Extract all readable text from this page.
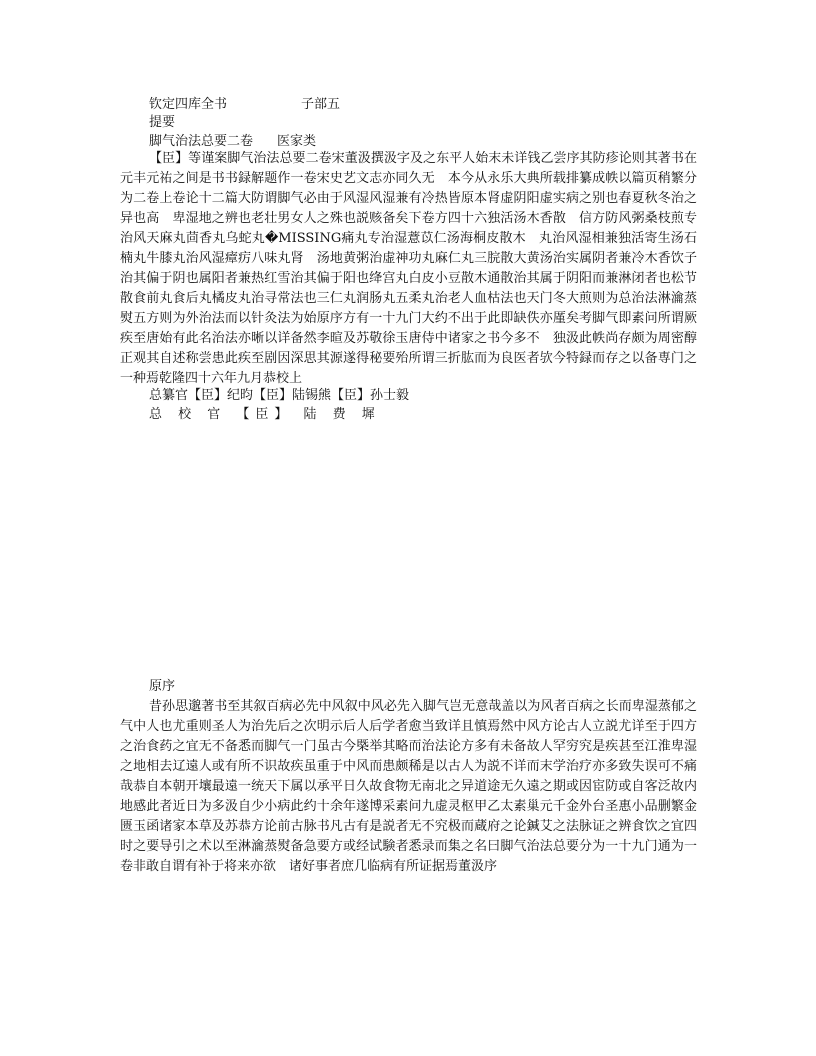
钦定四库全书	子部五
提要
脚气治法总要二卷 医家类
【臣】等谨案脚气治法总要二卷宋董汲撰汲字及之东平人始末未详钱乙尝序其防疹论则其著书在元丰元祐之间是书书録解题作一卷宋史艺文志亦同久无　本今从永乐大典所载排纂成帙以篇页稍繁分为二卷上卷论十二篇大防谓脚气必由于风湿风湿兼有冷热皆原本肾虚阴阳虚实病之别也春夏秋冬治之异也高　卑湿地之辨也老壮男女人之殊也説赅备矣下卷方四十六独活汤木香散　信方防风粥桑枝煎专治风天麻丸茴香丸乌蛇丸�MISSING痛丸专治湿薏苡仁汤海桐皮散木　丸治风湿相兼独活寄生汤石楠丸牛膝丸治风湿瘴疠八味丸肾　汤地黄粥治虚神功丸麻仁丸三脘散大黄汤治实属阴者兼冷木香饮子治其偏于阴也属阳者兼热红雪治其偏于阳也绛宫丸白皮小豆散木通散治其属于阴阳而兼淋闭者也松节散食前丸食后丸橘皮丸治寻常法也三仁丸润肠丸五柔丸治老人血枯法也天门冬大煎则为总治法淋㵸蒸熨五方则为外治法而以针灸法为始原序方有一十九门大约不出于此即缺佚亦厪矣考脚气即素问所谓厥疾至唐始有此名治法亦晰以详备然李暄及苏敬徐玉唐侍中诸家之书今多不　独汲此帙尚存颇为周密醇正观其自述称尝患此疾至剧因深思其源遂得秘要殆所谓三折肱而为良医者欤今特録而存之以备専门之一种焉乾隆四十六年九月恭校上
总纂官【臣】纪昀【臣】陆锡熊【臣】孙士毅
总 校 官 【臣】 陆 费 墀
原序
昔孙思邈著书至其叙百病必先中风叙中风必先入脚气岂无意哉盖以为风者百病之长而卑湿蒸郁之气中人也尤重则圣人为治先后之次明示后人后学者愈当致详且慎焉然中风方论古人立説尤详至于四方之治食药之宜无不备悉而脚气一门虽古今槩举其略而治法论方多有未备故人罕穷究是疾甚至江淮卑湿之地相去辽遠人或有所不识故疾虽重于中风而患颇稀是以古人为説不详而末学治疗亦多致失误可不痛哉恭自本朝开壤最遠一统天下属以承平日久故食物无南北之异道途无久遠之期或因宦防或自客泛故内地感此者近日为多汲自少小病此约十余年遂博采素问九虚灵枢甲乙太素巢元千金外台圣惠小品删繁金匮玉函诸家本草及苏恭方论前古脉书凡古有是説者无不究极而蔵府之论鍼艾之法脉证之辨食饮之宜四时之要导引之术以至淋㵸蒸熨备急要方或经试験者悉录而集之名曰脚气治法总要分为一十九门通为一卷非敢自谓有补于将来亦欲　诸好事者庶几临病有所证据焉董汲序
